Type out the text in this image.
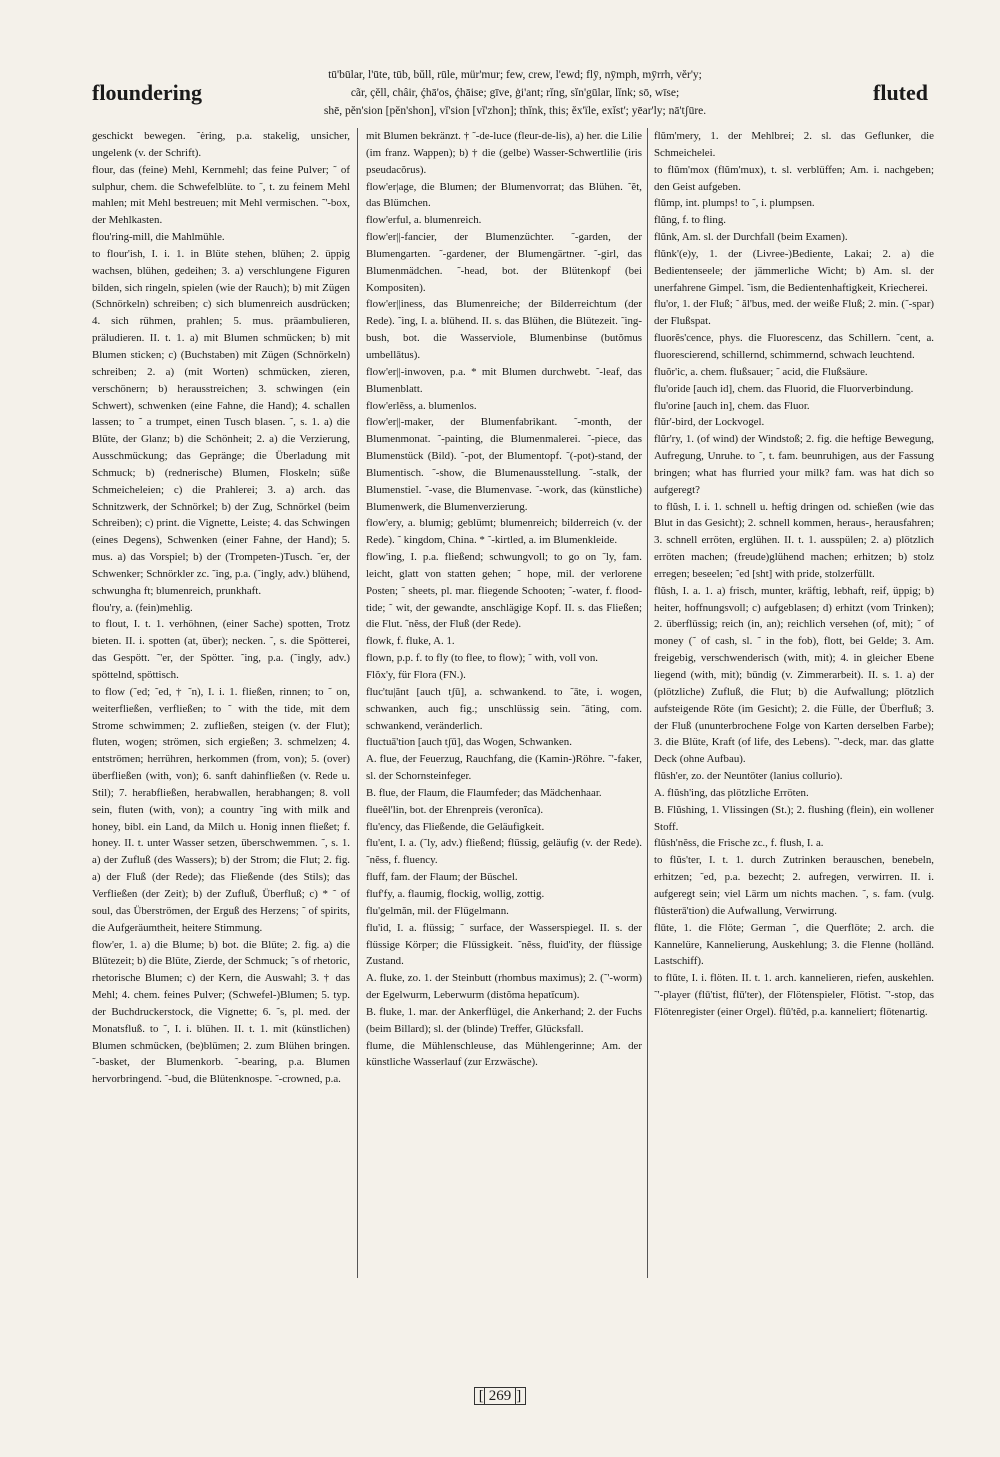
floundering
tū'būlar, l'ūte, tūb, bŭll, rūle, mür'mur; few, crew, l'ewd; flȳ, nȳmph, mȳrrh, vĕr'y;
cãr, çĕll, châir, ḉhā'os, ḉhāise; gīve, ġi'ant; rĭng, sĭn'gūlar, lĭnk; sō, wīse;
shē, pĕn'sion [pĕn'shon], vĭ'sion [vĭ'zhon]; thĭnk, this; ĕx'ïle, exĭst'; yēar'ly; nā'tʃūre.
fluted

geschickt bewegen. ˜ėring, p.a. stakelig, unsicher, ungelenk (v. der Schrift).

flour, das (feine) Mehl, Kernmehl; das feine Pulver; ˜ of sulphur, chem. die Schwefelblüte. to ˜, t. zu feinem Mehl mahlen; mit Mehl bestreuen; mit Mehl vermischen. ˜'-box, der Mehlkasten.

flou'ring-mill, die Mahlmühle.

to flour'ish, I. i. 1. in Blüte stehen, blühen; 2. üppig wachsen, blühen, gedeihen; 3. a) verschlungene Figuren bilden, sich ringeln, spielen (wie der Rauch); b) mit Zügen (Schnörkeln) schreiben; c) sich blumenreich ausdrücken; 4. sich rühmen, prahlen; 5. mus. präambulieren, präludieren. II. t. 1. a) mit Blumen schmücken; b) mit Blumen sticken; c) (Buchstaben) mit Zügen (Schnörkeln) schreiben; 2. a) (mit Worten) schmücken, zieren, verschönern; b) herausstreichen; 3. schwingen (ein Schwert), schwenken (eine Fahne, die Hand); 4. schallen lassen; to ˜ a trumpet, einen Tusch blasen. ˜, s. 1. a) die Blüte, der Glanz; b) die Schönheit; 2. a) die Verzierung, Ausschmückung; das Gepränge; die Überladung mit Schmuck; b) (rednerische) Blumen, Floskeln; süße Schmeicheleien; c) die Prahlerei; 3. a) arch. das Schnitzwerk, der Schnörkel; b) der Zug, Schnörkel (beim Schreiben); c) print. die Vignette, Leiste; 4. das Schwingen (eines Degens), Schwenken (einer Fahne, der Hand); 5. mus. a) das Vorspiel; b) der (Trompeten-)Tusch. ˜er, der Schwenker; Schnörkler zc. ˜ing, p.a. (˜ingly, adv.) blühend, schwungha ft; blumenreich, prunkhaft.

flou'ry, a. (fein)mehlig.

to flout, I. t. 1. verhöhnen, (einer Sache) spotten, Trotz bieten. II. i. spotten (at, über); necken. ˜, s. die Spötterei, das Gespött. ˜'er, der Spötter. ˜ing, p.a. (˜ingly, adv.) spöttelnd, spöttisch.

to flow (˜ed; ˜ed, † ˜n), I. i. 1. fließen, rinnen; to ˜ on, weiterfließen, verfließen; to ˜ with the tide, mit dem Strome schwimmen; 2. zufließen, steigen (v. der Flut); fluten, wogen; strömen, sich ergießen; 3. schmelzen; 4. entströmen; herrühren, herkommen (from, von); 5. (over) überfließen (with, von); 6. sanft dahinfließen (v. Rede u. Stil); 7. herabfließen, herabwallen, herabhangen; 8. voll sein, fluten (with, von); a country ˜ing with milk and honey, bibl. ein Land, da Milch u. Honig innen fließet; f. honey. II. t. unter Wasser setzen, überschwemmen. ˜, s. 1. a) der Zufluß (des Wassers); b) der Strom; die Flut; 2. fig. a) der Fluß (der Rede); das Fließende (des Stils); das Verfließen (der Zeit); b) der Zufluß, Überfluß; c) * ˜ of soul, das Überströmen, der Erguß des Herzens; ˜ of spirits, die Aufgeräumtheit, heitere Stimmung.

flow'er, 1. a) die Blume; b) bot. die Blüte; 2. fig. a) die Blütezeit; b) die Blüte, Zierde, der Schmuck; ˜s of rhetoric, rhetorische Blumen; c) der Kern, die Auswahl; 3. † das Mehl; 4. chem. feines Pulver; (Schwefel-)Blumen; 5. typ. der Buchdruckerstock, die Vignette; 6. ˜s, pl. med. der Monatsfluß. to ˜, I. i. blühen. II. t. 1. mit (künstlichen) Blumen schmücken, (be)blümen; 2. zum Blühen bringen. ˜-basket, der Blumenkorb. ˜-bearing, p.a. Blumen hervorbringend. ˜-bud, die Blütenknospe. ˜-crowned, p.a.

mit Blumen bekränzt. † ˜-de-luce (fleur-de-lis), a) her. die Lilie (im franz. Wappen); b) † die (gelbe) Wasser-Schwertlilie (iris pseudacŏrus).

flow'er|age, die Blumen; der Blumenvorrat; das Blühen. ˜ĕt, das Blümchen.

flow'erful, a. blumenreich.

flow'er||-fancier, der Blumenzüchter. ˜-garden, der Blumengarten. ˜-gardener, der Blumengärtner. ˜-girl, das Blumenmädchen. ˜-head, bot. der Blütenkopf (bei Kompositen).

flow'er||iness, das Blumenreiche; der Bilderreichtum (der Rede). ˜ing, I. a. blühend. II. s. das Blühen, die Blütezeit. ˜ing-bush, bot. die Wasserviole, Blumenbinse (butŏmus umbellātus).

flow'er||-inwoven, p.a. * mit Blumen durchwebt. ˜-leaf, das Blumenblatt.

flow'erlĕss, a. blumenlos.

flow'er||-maker, der Blumenfabrikant. ˜-month, der Blumenmonat. ˜-painting, die Blumenmalerei. ˜-piece, das Blumenstück (Bild). ˜-pot, der Blumentopf. ˜(-pot)-stand, der Blumentisch. ˜-show, die Blumenausstellung. ˜-stalk, der Blumenstiel. ˜-vase, die Blumenvase. ˜-work, das (künstliche) Blumenwerk, die Blumenverzierung.

flow'ery, a. blumig; geblümt; blumenreich; bilderreich (v. der Rede). ˜ kingdom, China. * ˜-kirtled, a. im Blumenkleide.

flow'ing, I. p.a. fließend; schwungvoll; to go on ˜ly, fam. leicht, glatt von statten gehen; ˜ hope, mil. der verlorene Posten; ˜ sheets, pl. mar. fliegende Schooten; ˜-water, f. flood-tide; ˜ wit, der gewandte, anschlägige Kopf. II. s. das Fließen; die Flut. ˜nĕss, der Fluß (der Rede).

flowk, f. fluke, A. 1.

flown, p.p. f. to fly (to flee, to flow); ˜ with, voll von.

Flŏx'y, für Flora (FN.).

fluc'tu|ănt [auch tʃū], a. schwankend. to ˜āte, i. wogen, schwanken, auch fig.; unschlüssig sein. ˜āting, com. schwankend, veränderlich.

fluctuā'tion [auch tʃū], das Wogen, Schwanken.

A. flue, der Feuerzug, Rauchfang, die (Kamin-)Röhre. ˜'-faker, sl. der Schornsteinfeger.

B. flue, der Flaum, die Flaumfeder; das Mädchenhaar.

flueĕl'lin, bot. der Ehrenpreis (veronĭca).

flu'ency, das Fließende, die Geläufigkeit.

flu'ent, I. a. (˜ly, adv.) fließend; flüssig, geläufig (v. der Rede). ˜nĕss, f. fluency.

fluff, fam. der Flaum; der Büschel.

fluf'fy, a. flaumig, flockig, wollig, zottig.

flu'gelmăn, mil. der Flügelmann.

flu'id, I. a. flüssig; ˜ surface, der Wasserspiegel. II. s. der flüssige Körper; die Flüssigkeit. ˜nĕss, fluid'ity, der flüssige Zustand.

A. fluke, zo. 1. der Steinbutt (rhombus maximus); 2. (˜'-worm) der Egelwurm, Leberwurm (distŏma hepatĭcum).

B. fluke, 1. mar. der Ankerflügel, die Ankerhand; 2. der Fuchs (beim Billard); sl. der (blinde) Treffer, Glücksfall.

flume, die Mühlenschleuse, das Mühlengerinne; Am. der künstliche Wasserlauf (zur Erzwäsche).

flŭm'mery, 1. der Mehlbrei; 2. sl. das Geflunker, die Schmeichelei.

to flŭm'mox (flŭm'mux), t. sl. verblüffen; Am. i. nachgeben; den Geist aufgeben.

flŭmp, int. plumps! to ˜, i. plumpsen.

flŭng, f. to fling.

flŭnk, Am. sl. der Durchfall (beim Examen).

flŭnk'(e)y, 1. der (Livree-)Bediente, Lakai; 2. a) die Bedientenseele; der jämmerliche Wicht; b) Am. sl. der unerfahrene Gimpel. ˜ism, die Bedientenhaftigkeit, Kriecherei.

flu'or, 1. der Fluß; ˜ ăl'bus, med. der weiße Fluß; 2. min. (˜-spar) der Flußspat.

fluorĕs'cence, phys. die Fluorescenz, das Schillern. ˜cent, a. fluorescierend, schillernd, schimmernd, schwach leuchtend.

fluŏr'ic, a. chem. flußsauer; ˜ acid, die Flußsäure.

flu'oride [auch id], chem. das Fluorid, die Fluorverbindung.

flu'orine [auch in], chem. das Fluor.

flŭr'-bird, der Lockvogel.

flŭr'ry, 1. (of wind) der Windstoß; 2. fig. die heftige Bewegung, Aufregung, Unruhe. to ˜, t. fam. beunruhigen, aus der Fassung bringen; what has flurried your milk? fam. was hat dich so aufgeregt?

to flŭsh, I. i. 1. schnell u. heftig dringen od. schießen (wie das Blut in das Gesicht); 2. schnell kommen, heraus-, herausfahren; 3. schnell erröten, erglühen. II. t. 1. ausspülen; 2. a) plötzlich erröten machen; (freude)glühend machen; erhitzen; b) stolz erregen; beseelen; ˜ed [sht] with pride, stolzerfüllt.

flŭsh, I. a. 1. a) frisch, munter, kräftig, lebhaft, reif, üppig; b) heiter, hoffnungsvoll; c) aufgeblasen; d) erhitzt (vom Trinken); 2. überflüssig; reich (in, an); reichlich versehen (of, mit); ˜ of money (˜ of cash, sl. ˜ in the fob), flott, bei Gelde; 3. Am. freigebig, verschwenderisch (with, mit); 4. in gleicher Ebene liegend (with, mit); bündig (v. Zimmerarbeit). II. s. 1. a) der (plötzliche) Zufluß, die Flut; b) die Aufwallung; plötzlich aufsteigende Röte (im Gesicht); 2. die Fülle, der Überfluß; 3. der Fluß (ununterbrochene Folge von Karten derselben Farbe); 3. die Blüte, Kraft (of life, des Lebens). ˜'-deck, mar. das glatte Deck (ohne Aufbau).

flŭsh'er, zo. der Neuntöter (lanius collurio).

A. flŭsh'ing, das plötzliche Erröten.

B. Flŭshing, 1. Vlissingen (St.); 2. flushing (flein), ein wollener Stoff.

flŭsh'nĕss, die Frische zc., f. flush, I. a.

to flŭs'ter, I. t. 1. durch Zutrinken berauschen, benebeln, erhitzen; ˜ed, p.a. bezecht; 2. aufregen, verwirren. II. i. aufgeregt sein; viel Lärm um nichts machen. ˜, s. fam. (vulg. flŭsterā'tion) die Aufwallung, Verwirrung.

flūte, 1. die Flöte; German ˜, die Querflöte; 2. arch. die Kannelüre, Kannelierung, Auskehlung; 3. die Flenne (holländ. Lastschiff).

to flūte, I. i. flöten. II. t. 1. arch. kannelieren, riefen, auskehlen. ˜'-player (flū'tist, flū'ter), der Flötenspieler, Flötist. ˜'-stop, das Flötenregister (einer Orgel). flū'tĕd, p.a. kanneliert; flötenartig.

[ 269 ]
